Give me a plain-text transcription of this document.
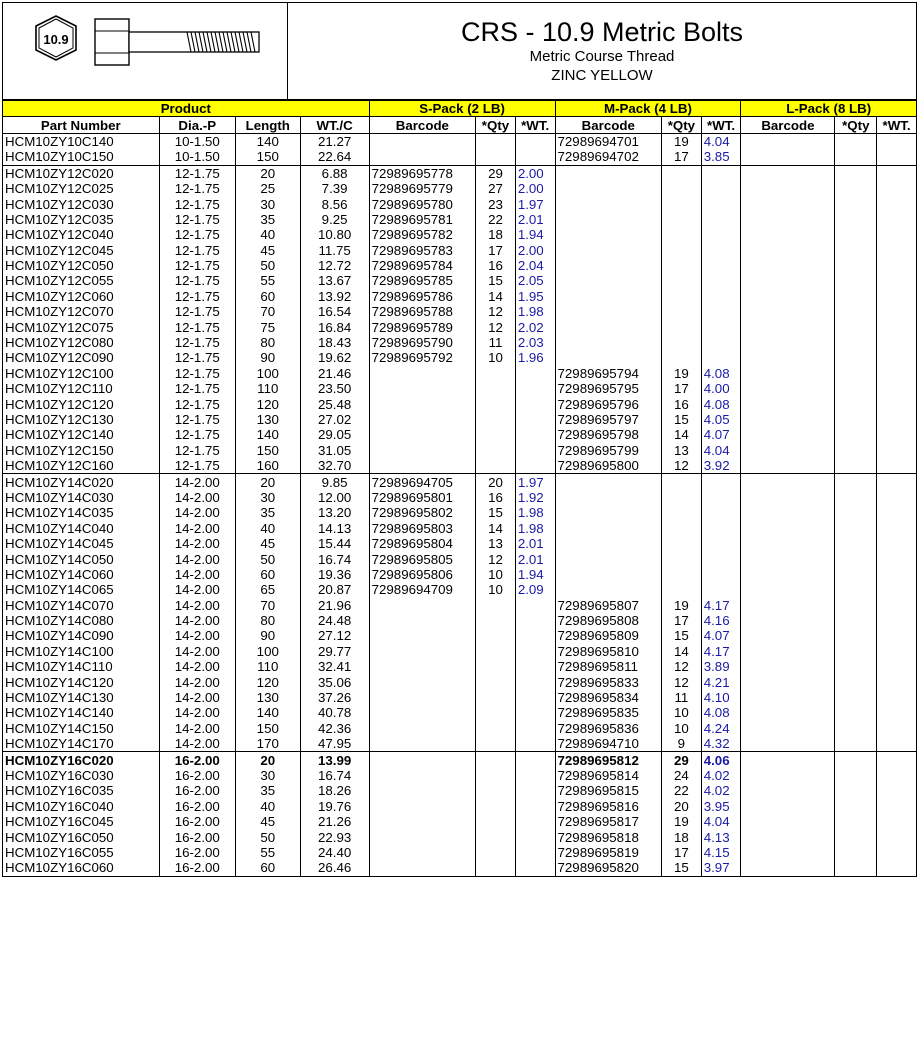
10.9	CRS - 10.9 Metric Bolts
Metric Course Thread
ZINC YELLOW
Product				S-Pack (2 LB)			M-Pack (4 LB)			L-Pack (8 LB)		
Part Number	Dia.-P	Length	WT./C	Barcode	*Qty	*WT.	Barcode	*Qty	*WT.	Barcode	*Qty	*WT.
HCM10ZY10C140	10-1.50	140	21.27				72989694701	19	4.04			
HCM10ZY10C150	10-1.50	150	22.64				72989694702	17	3.85			
HCM10ZY12C020	12-1.75	20	6.88	72989695778	29	2.00						
HCM10ZY12C025	12-1.75	25	7.39	72989695779	27	2.00						
HCM10ZY12C030	12-1.75	30	8.56	72989695780	23	1.97						
HCM10ZY12C035	12-1.75	35	9.25	72989695781	22	2.01						
HCM10ZY12C040	12-1.75	40	10.80	72989695782	18	1.94						
HCM10ZY12C045	12-1.75	45	11.75	72989695783	17	2.00						
HCM10ZY12C050	12-1.75	50	12.72	72989695784	16	2.04						
HCM10ZY12C055	12-1.75	55	13.67	72989695785	15	2.05						
HCM10ZY12C060	12-1.75	60	13.92	72989695786	14	1.95						
HCM10ZY12C070	12-1.75	70	16.54	72989695788	12	1.98						
HCM10ZY12C075	12-1.75	75	16.84	72989695789	12	2.02						
HCM10ZY12C080	12-1.75	80	18.43	72989695790	11	2.03						
HCM10ZY12C090	12-1.75	90	19.62	72989695792	10	1.96						
HCM10ZY12C100	12-1.75	100	21.46				72989695794	19	4.08			
HCM10ZY12C110	12-1.75	110	23.50				72989695795	17	4.00			
HCM10ZY12C120	12-1.75	120	25.48				72989695796	16	4.08			
HCM10ZY12C130	12-1.75	130	27.02				72989695797	15	4.05			
HCM10ZY12C140	12-1.75	140	29.05				72989695798	14	4.07			
HCM10ZY12C150	12-1.75	150	31.05				72989695799	13	4.04			
HCM10ZY12C160	12-1.75	160	32.70				72989695800	12	3.92			
HCM10ZY14C020	14-2.00	20	9.85	72989694705	20	1.97						
HCM10ZY14C030	14-2.00	30	12.00	72989695801	16	1.92						
HCM10ZY14C035	14-2.00	35	13.20	72989695802	15	1.98						
HCM10ZY14C040	14-2.00	40	14.13	72989695803	14	1.98						
HCM10ZY14C045	14-2.00	45	15.44	72989695804	13	2.01						
HCM10ZY14C050	14-2.00	50	16.74	72989695805	12	2.01						
HCM10ZY14C060	14-2.00	60	19.36	72989695806	10	1.94						
HCM10ZY14C065	14-2.00	65	20.87	72989694709	10	2.09						
HCM10ZY14C070	14-2.00	70	21.96				72989695807	19	4.17			
HCM10ZY14C080	14-2.00	80	24.48				72989695808	17	4.16			
HCM10ZY14C090	14-2.00	90	27.12				72989695809	15	4.07			
HCM10ZY14C100	14-2.00	100	29.77				72989695810	14	4.17			
HCM10ZY14C110	14-2.00	110	32.41				72989695811	12	3.89			
HCM10ZY14C120	14-2.00	120	35.06				72989695833	12	4.21			
HCM10ZY14C130	14-2.00	130	37.26				72989695834	11	4.10			
HCM10ZY14C140	14-2.00	140	40.78				72989695835	10	4.08			
HCM10ZY14C150	14-2.00	150	42.36				72989695836	10	4.24			
HCM10ZY14C170	14-2.00	170	47.95				72989694710	9	4.32			
HCM10ZY16C020	16-2.00	20	13.99				72989695812	29	4.06			
HCM10ZY16C030	16-2.00	30	16.74				72989695814	24	4.02			
HCM10ZY16C035	16-2.00	35	18.26				72989695815	22	4.02			
HCM10ZY16C040	16-2.00	40	19.76				72989695816	20	3.95			
HCM10ZY16C045	16-2.00	45	21.26				72989695817	19	4.04			
HCM10ZY16C050	16-2.00	50	22.93				72989695818	18	4.13			
HCM10ZY16C055	16-2.00	55	24.40				72989695819	17	4.15			
HCM10ZY16C060	16-2.00	60	26.46				72989695820	15	3.97			
